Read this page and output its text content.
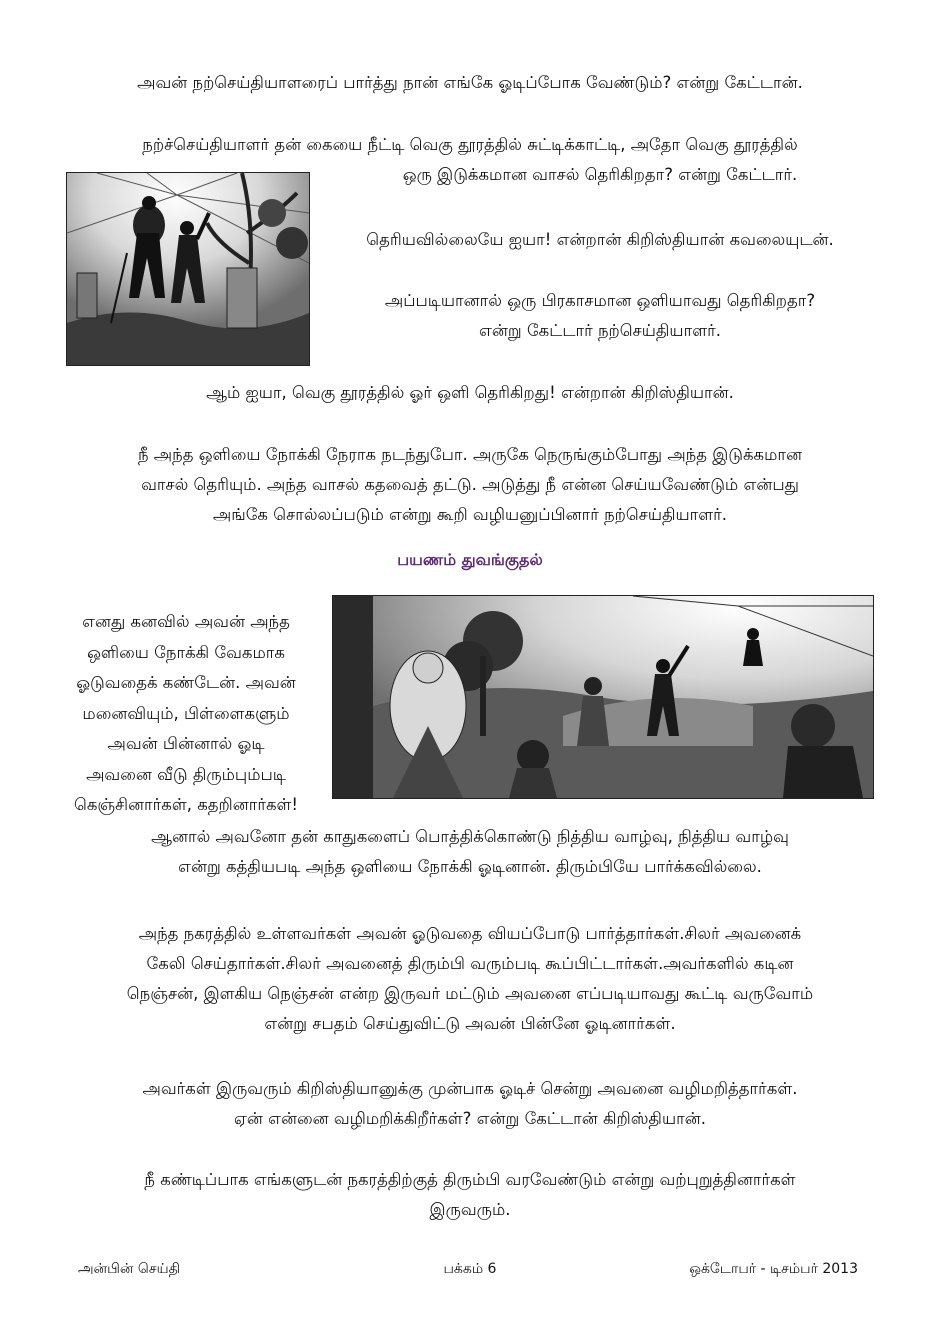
அவன் நற்செய்தியாளரைப் பார்த்து நான் எங்கே ஓடிப்போக வேண்டும்? என்று கேட்டான்.
நற்ச்செய்தியாளர் தன் கையை நீட்டி வெகு தூரத்தில் சுட்டிக்காட்டி, அதோ வெகு தூரத்தில்
ஒரு இடுக்கமான வாசல் தெரிகிறதா? என்று கேட்டார்.
தெரியவில்லையே ஐயா! என்றான் கிறிஸ்தியான் கவலையுடன்.
அப்படியானால் ஒரு பிரகாசமான ஒளியாவது தெரிகிறதா?
என்று கேட்டார் நற்செய்தியாளர்.
ஆம் ஐயா, வெகு தூரத்தில் ஓர் ஒளி தெரிகிறது! என்றான் கிறிஸ்தியான்.
நீ அந்த ஒளியை நோக்கி நேராக நடந்துபோ. அருகே நெருங்கும்போது அந்த இடுக்கமான
வாசல் தெரியும். அந்த வாசல் கதவைத் தட்டு. அடுத்து நீ என்ன செய்யவேண்டும் என்பது
அங்கே சொல்லப்படும் என்று கூறி வழியனுப்பினார் நற்செய்தியாளர்.
பயணம் துவங்குதல்
எனது கனவில் அவன் அந்த
ஒளியை நோக்கி வேகமாக
ஓடுவதைக் கண்டேன். அவன்
மனைவியும், பிள்ளைகளும்
அவன் பின்னால் ஓடி
அவனை வீடு திரும்பும்படி
கெஞ்சினார்கள், கதறினார்கள்!
ஆனால் அவனோ தன் காதுகளைப் பொத்திக்கொண்டு நித்திய வாழ்வு, நித்திய வாழ்வு
என்று கத்தியபடி அந்த ஒளியை நோக்கி ஓடினான். திரும்பியே பார்க்கவில்லை.
அந்த நகரத்தில் உள்ளவர்கள் அவன் ஓடுவதை வியப்போடு பார்த்தார்கள்.சிலர் அவனைக்
கேலி செய்தார்கள்.சிலர் அவனைத் திரும்பி வரும்படி கூப்பிட்டார்கள்.அவர்களில் கடின
நெஞ்சன், இளகிய நெஞ்சன் என்ற இருவர் மட்டும் அவனை எப்படியாவது கூட்டி வருவோம்
என்று சபதம் செய்துவிட்டு அவன் பின்னே ஓடினார்கள்.
அவர்கள் இருவரும் கிறிஸ்தியானுக்கு முன்பாக ஓடிச் சென்று அவனை வழிமறித்தார்கள்.
ஏன் என்னை வழிமறிக்கிறீர்கள்? என்று கேட்டான் கிறிஸ்தியான்.
நீ கண்டிப்பாக எங்களுடன் நகரத்திற்குத் திரும்பி வரவேண்டும் என்று வற்புறுத்தினார்கள்
இருவரும்.
அன்பின் செய்தி	பக்கம் 6	ஒக்டோபர் - டிசம்பர் 2013
